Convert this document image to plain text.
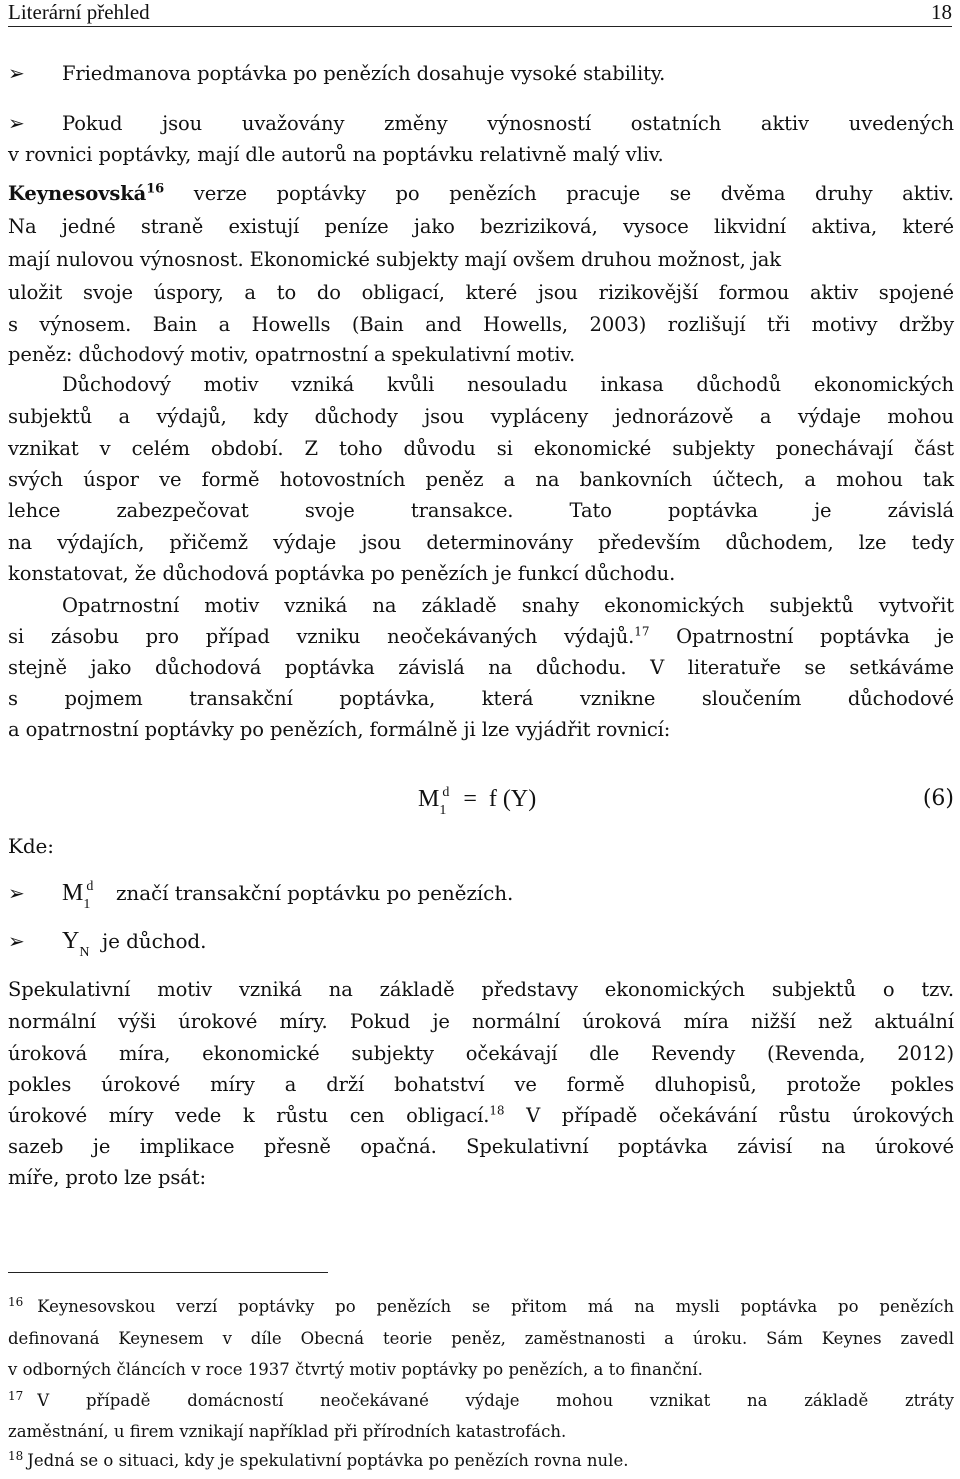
Literární přehled	18
➢	Friedmanova poptávka po penězích dosahuje vysoké stability.
➢	Pokud jsou uvažovány změny výnosností ostatních aktiv uvedených
v rovnici poptávky, mají dle autorů na poptávku relativně malý vliv.
Keynesovská$^{16}$ verze poptávky po penězích pracuje se dvěma druhy aktiv.
Na jedné straně existují peníze jako bezriziková, vysoce likvidní aktiva, které
mají nulovou výnosnost. Ekonomické subjekty mají ovšem druhou možnost, jak
uložit svoje úspory, a to do obligací, které jsou rizikovější formou aktiv spojené
s výnosem. Bain a Howells (Bain and Howells, 2003) rozlišují tři motivy držby
peněz: důchodový motiv, opatrnostní a spekulativní motiv.
Důchodový motiv vzniká kvůli nesouladu inkasa důchodů ekonomických
subjektů a výdajů, kdy důchody jsou vypláceny jednorázově a výdaje mohou
vznikat v celém období. Z toho důvodu si ekonomické subjekty ponechávají část
svých úspor ve formě hotovostních peněz a na bankovních účtech, a mohou tak
lehce zabezpečovat svoje transakce. Tato poptávka je závislá
na výdajích, přičemž výdaje jsou determinovány především důchodem, lze tedy
konstatovat, že důchodová poptávka po penězích je funkcí důchodu.
Opatrnostní motiv vzniká na základě snahy ekonomických subjektů vytvořit
si zásobu pro případ vzniku neočekávaných výdajů.$^{17}$ Opatrnostní poptávka je
stejně jako důchodová poptávka závislá na důchodu. V literatuře se setkáváme
s pojmem transakční poptávka, která vznikne sloučením důchodové
a opatrnostní poptávky po penězích, formálně ji lze vyjádřit rovnicí:
$M_1^d = f$ (Y)	(6)
Kde:
➢	$M_1^d$ značí transakční poptávku po penězích.
➢	$Y_N$ je důchod.
Spekulativní motiv vzniká na základě představy ekonomických subjektů o tzv.
normální výši úrokové míry. Pokud je normální úroková míra nižší než aktuální
úroková míra, ekonomické subjekty očekávají dle Revendy (Revenda, 2012)
pokles úrokové míry a drží bohatství ve formě dluhopisů, protože pokles
úrokové míry vede k růstu cen obligací.$^{18}$ V případě očekávání růstu úrokových
sazeb je implikace přesně opačná. Spekulativní poptávka závisí na úrokové
míře, proto lze psát:
$^{16}$ Keynesovskou verzí poptávky po penězích se přitom má na mysli poptávka po penězích
definovaná Keynesem v díle Obecná teorie peněz, zaměstnanosti a úroku. Sám Keynes zavedl
v odborných článcích v roce 1937 čtvrtý motiv poptávky po penězích, a to finanční.
$^{17}$ V případě domácností neočekávané výdaje mohou vznikat na základě ztráty
zaměstnání, u firem vznikají například při přírodních katastrofách.
$^{18}$ Jedná se o situaci, kdy je spekulativní poptávka po penězích rovna nule.
